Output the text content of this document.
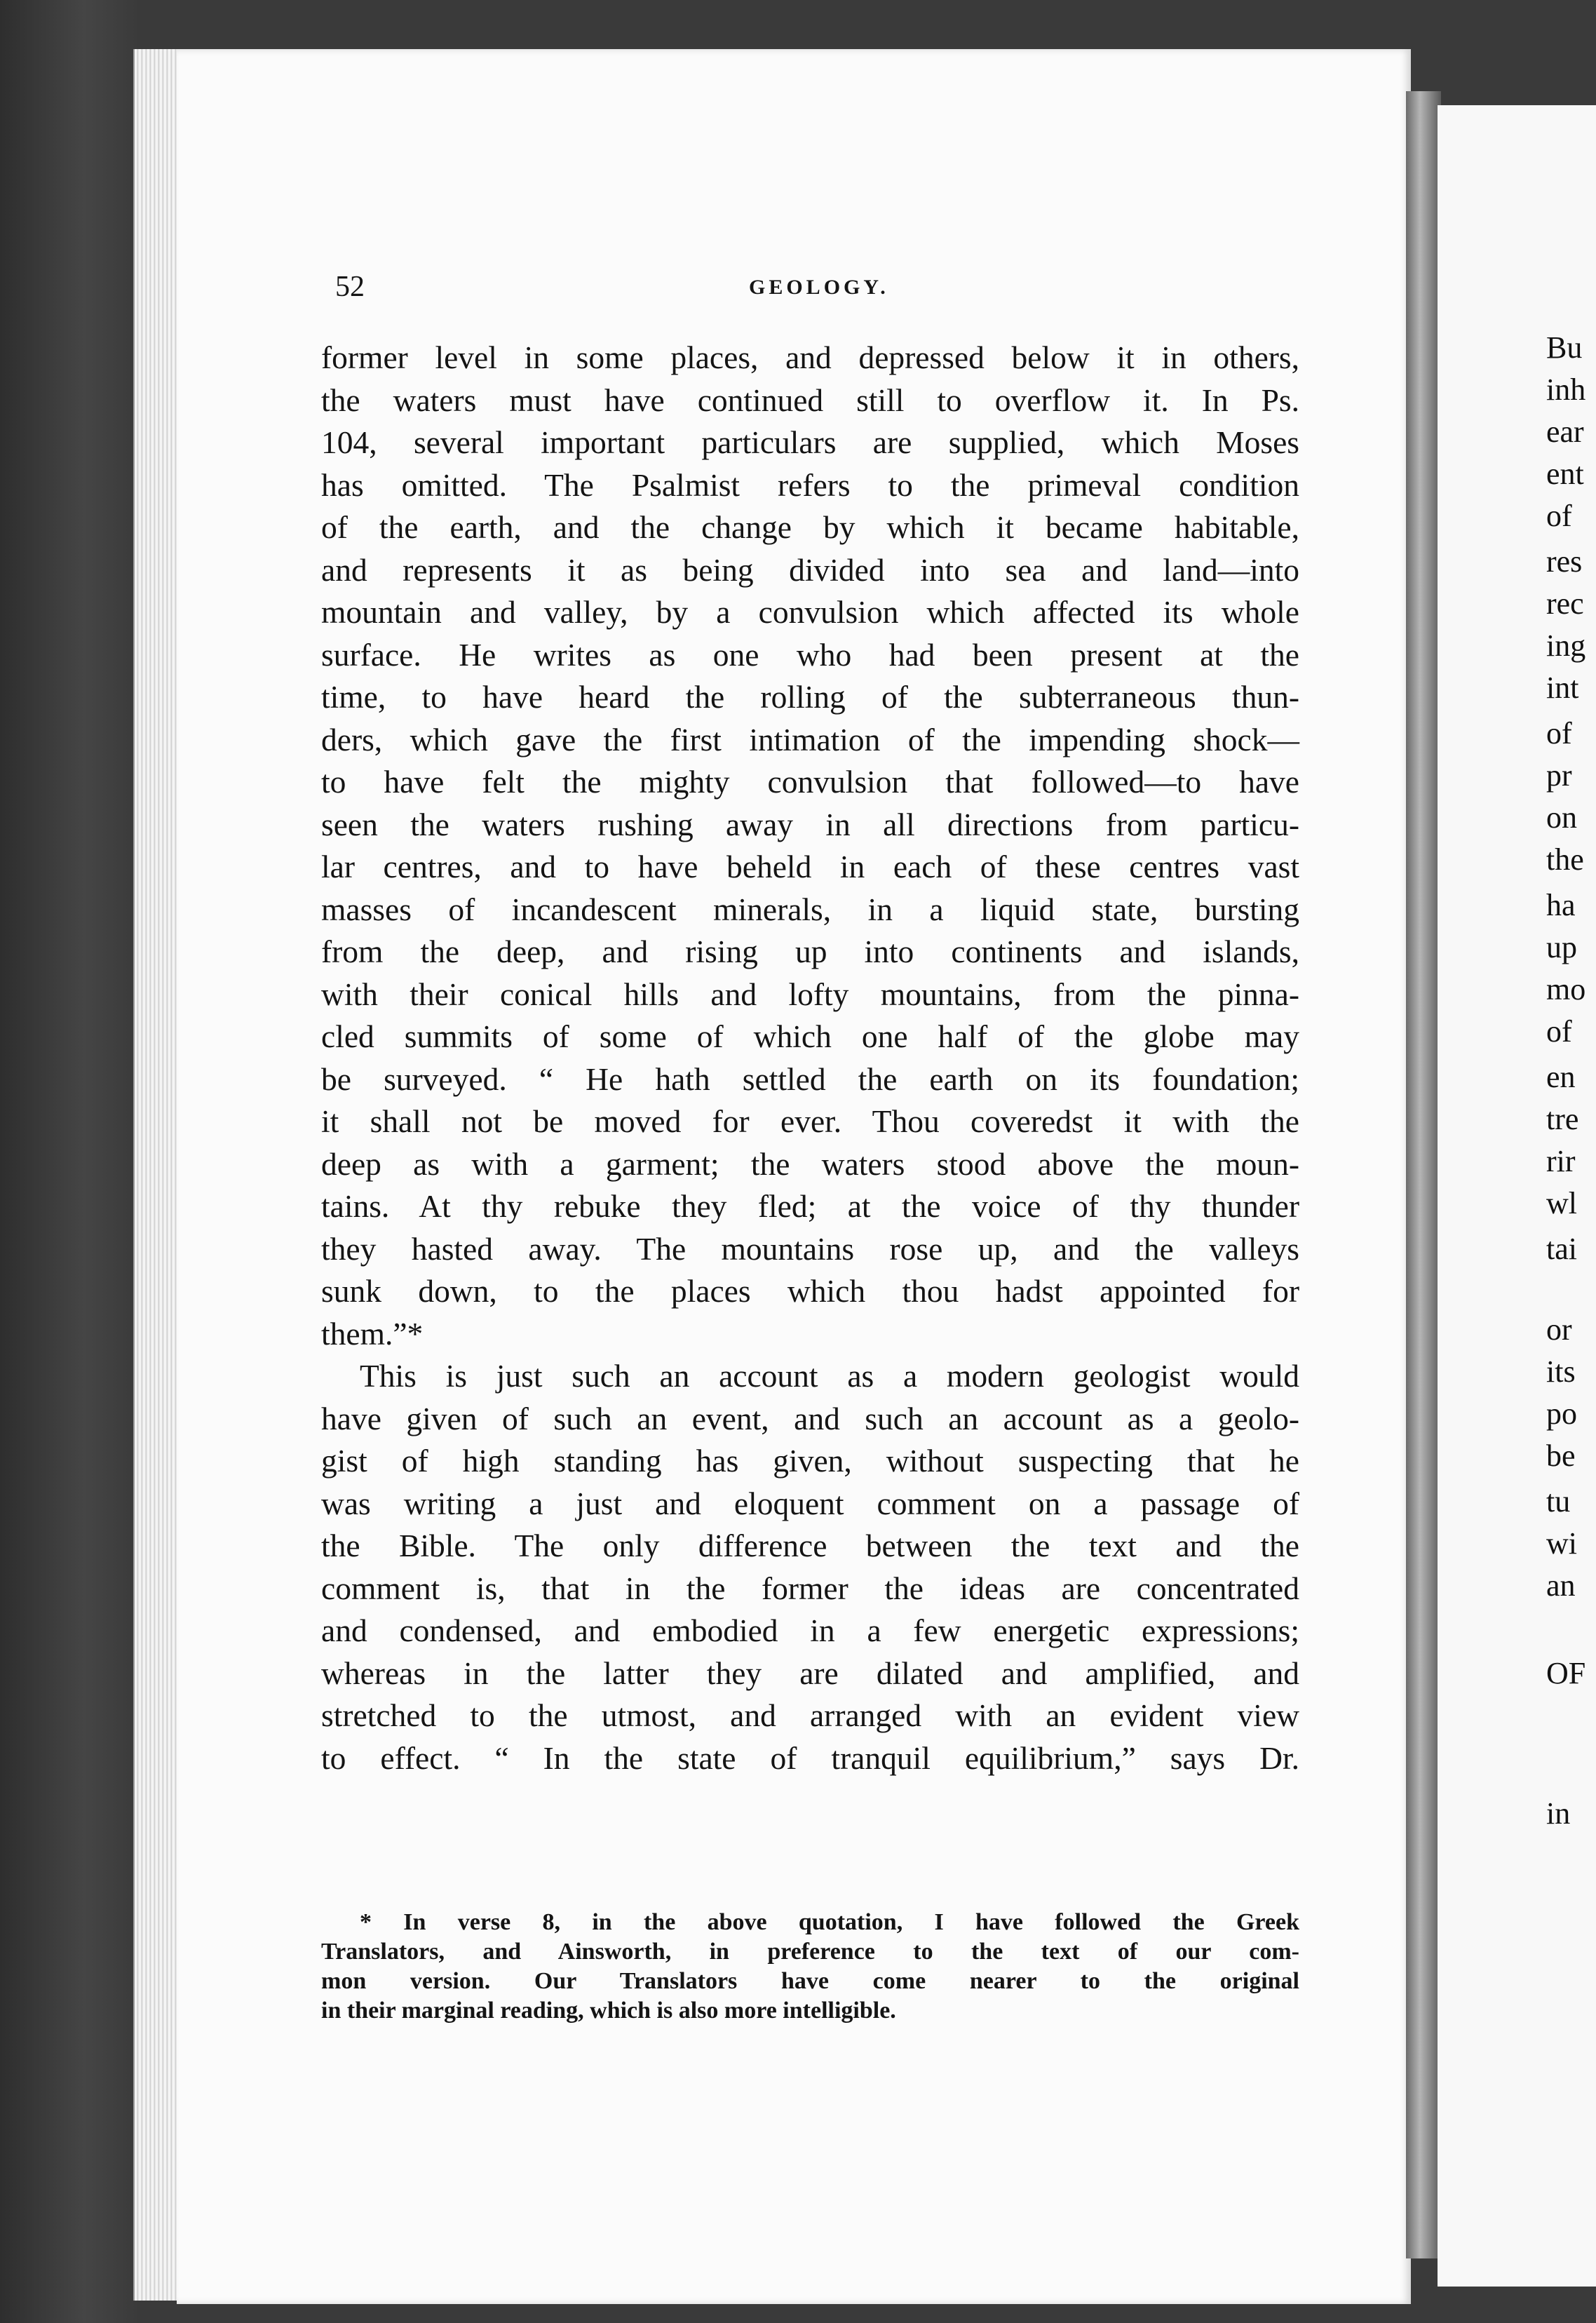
Bu
inh
ear
ent
of
res
rec
ing
int
of
pr
on
the
ha
up
mo
of
en
tre
rir
wl
tai
or
its
po
be
tu
wi
an
OF
in
52	GEOLOGY.
former level in some places, and depressed below it in others,
the waters must have continued still to overflow it. In Ps.
104, several important particulars are supplied, which Moses
has omitted. The Psalmist refers to the primeval condition
of the earth, and the change by which it became habitable,
and represents it as being divided into sea and land—into
mountain and valley, by a convulsion which affected its whole
surface. He writes as one who had been present at the
time, to have heard the rolling of the subterraneous thun-
ders, which gave the first intimation of the impending shock—
to have felt the mighty convulsion that followed—to have
seen the waters rushing away in all directions from particu-
lar centres, and to have beheld in each of these centres vast
masses of incandescent minerals, in a liquid state, bursting
from the deep, and rising up into continents and islands,
with their conical hills and lofty mountains, from the pinna-
cled summits of some of which one half of the globe may
be surveyed. “ He hath settled the earth on its foundation;
it shall not be moved for ever. Thou coveredst it with the
deep as with a garment; the waters stood above the moun-
tains. At thy rebuke they fled; at the voice of thy thunder
they hasted away. The mountains rose up, and the valleys
sunk down, to the places which thou hadst appointed for
them.”*
This is just such an account as a modern geologist would
have given of such an event, and such an account as a geolo-
gist of high standing has given, without suspecting that he
was writing a just and eloquent comment on a passage of
the Bible. The only difference between the text and the
comment is, that in the former the ideas are concentrated
and condensed, and embodied in a few energetic expressions;
whereas in the latter they are dilated and amplified, and
stretched to the utmost, and arranged with an evident view
to effect. “ In the state of tranquil equilibrium,” says Dr.
* In verse 8, in the above quotation, I have followed the Greek
Translators, and Ainsworth, in preference to the text of our com-
mon version. Our Translators have come nearer to the original
in their marginal reading, which is also more intelligible.
